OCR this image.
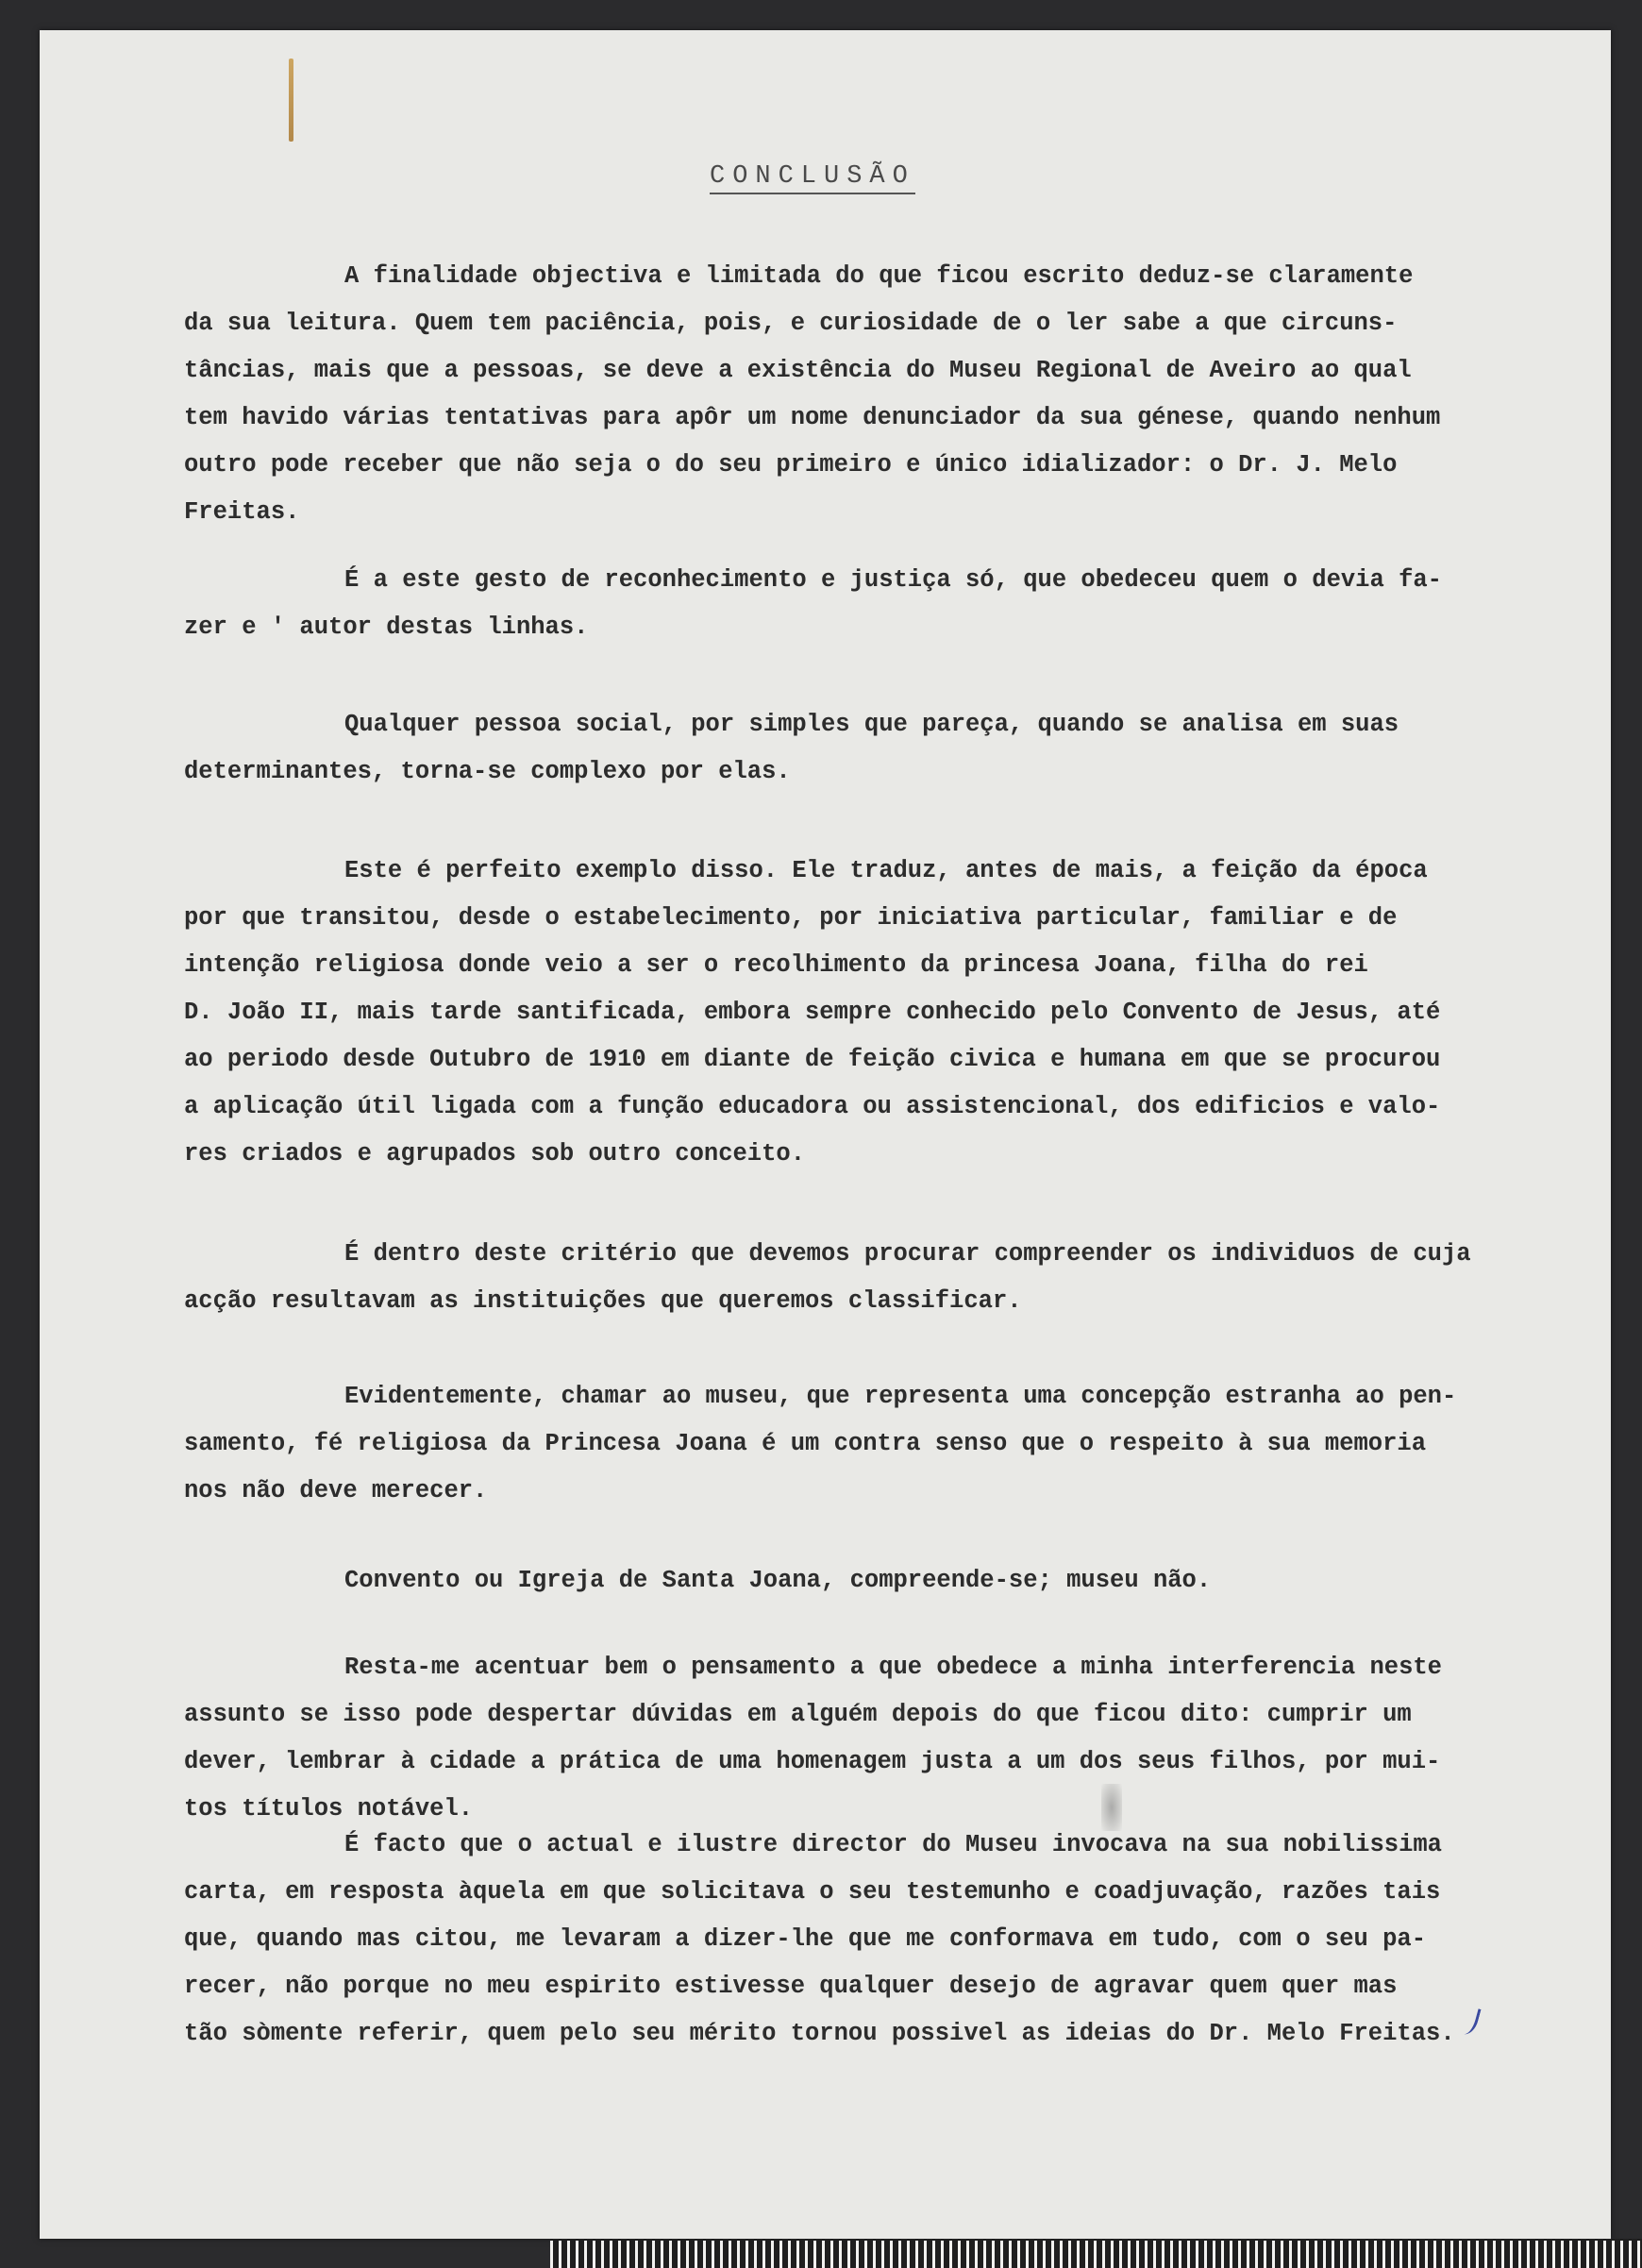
CONCLUSÃO
A finalidade objectiva e limitada do que ficou escrito deduz-se claramente
da sua leitura. Quem tem paciência, pois, e curiosidade de o ler sabe a que circuns-
tâncias, mais que a pessoas, se deve a existência do Museu Regional de Aveiro ao qual
tem havido várias tentativas para apôr um nome denunciador da sua génese, quando nenhum
outro pode receber que não seja o do seu primeiro e único idializador: o Dr. J. Melo
Freitas.
É a este gesto de reconhecimento e justiça só, que obedeceu quem o devia fa-
zer e ' autor destas linhas.
Qualquer pessoa social, por simples que pareça, quando se analisa em suas
determinantes, torna-se complexo por elas.
Este é perfeito exemplo disso. Ele traduz, antes de mais, a feição da época
por que transitou, desde o estabelecimento, por iniciativa particular, familiar e de
intenção religiosa donde veio a ser o recolhimento da princesa Joana, filha do rei
D. João II, mais tarde santificada, embora sempre conhecido pelo Convento de Jesus, até
ao periodo desde Outubro de 1910 em diante de feição civica e humana em que se procurou
a aplicação útil ligada com a função educadora ou assistencional, dos edificios e valo-
res criados e agrupados sob outro conceito.
É dentro deste critério que devemos procurar compreender os individuos de cuja
acção resultavam as instituições que queremos classificar.
Evidentemente, chamar ao museu, que representa uma concepção estranha ao pen-
samento, fé religiosa da Princesa Joana é um contra senso que o respeito à sua memoria
nos não deve merecer.
Convento ou Igreja de Santa Joana, compreende-se; museu não.
Resta-me acentuar bem o pensamento a que obedece a minha interferencia neste
assunto se isso pode despertar dúvidas em alguém depois do que ficou dito: cumprir um
dever, lembrar à cidade a prática de uma homenagem justa a um dos seus filhos, por mui-
tos títulos notável.
É facto que o actual e ilustre director do Museu invocava na sua nobilissima
carta, em resposta àquela em que solicitava o seu testemunho e coadjuvação, razões tais
que, quando mas citou, me levaram a dizer-lhe que me conformava em tudo, com o seu pa-
recer, não porque no meu espirito estivesse qualquer desejo de agravar quem quer mas
tão sòmente referir, quem pelo seu mérito tornou possivel as ideias do Dr. Melo Freitas.
